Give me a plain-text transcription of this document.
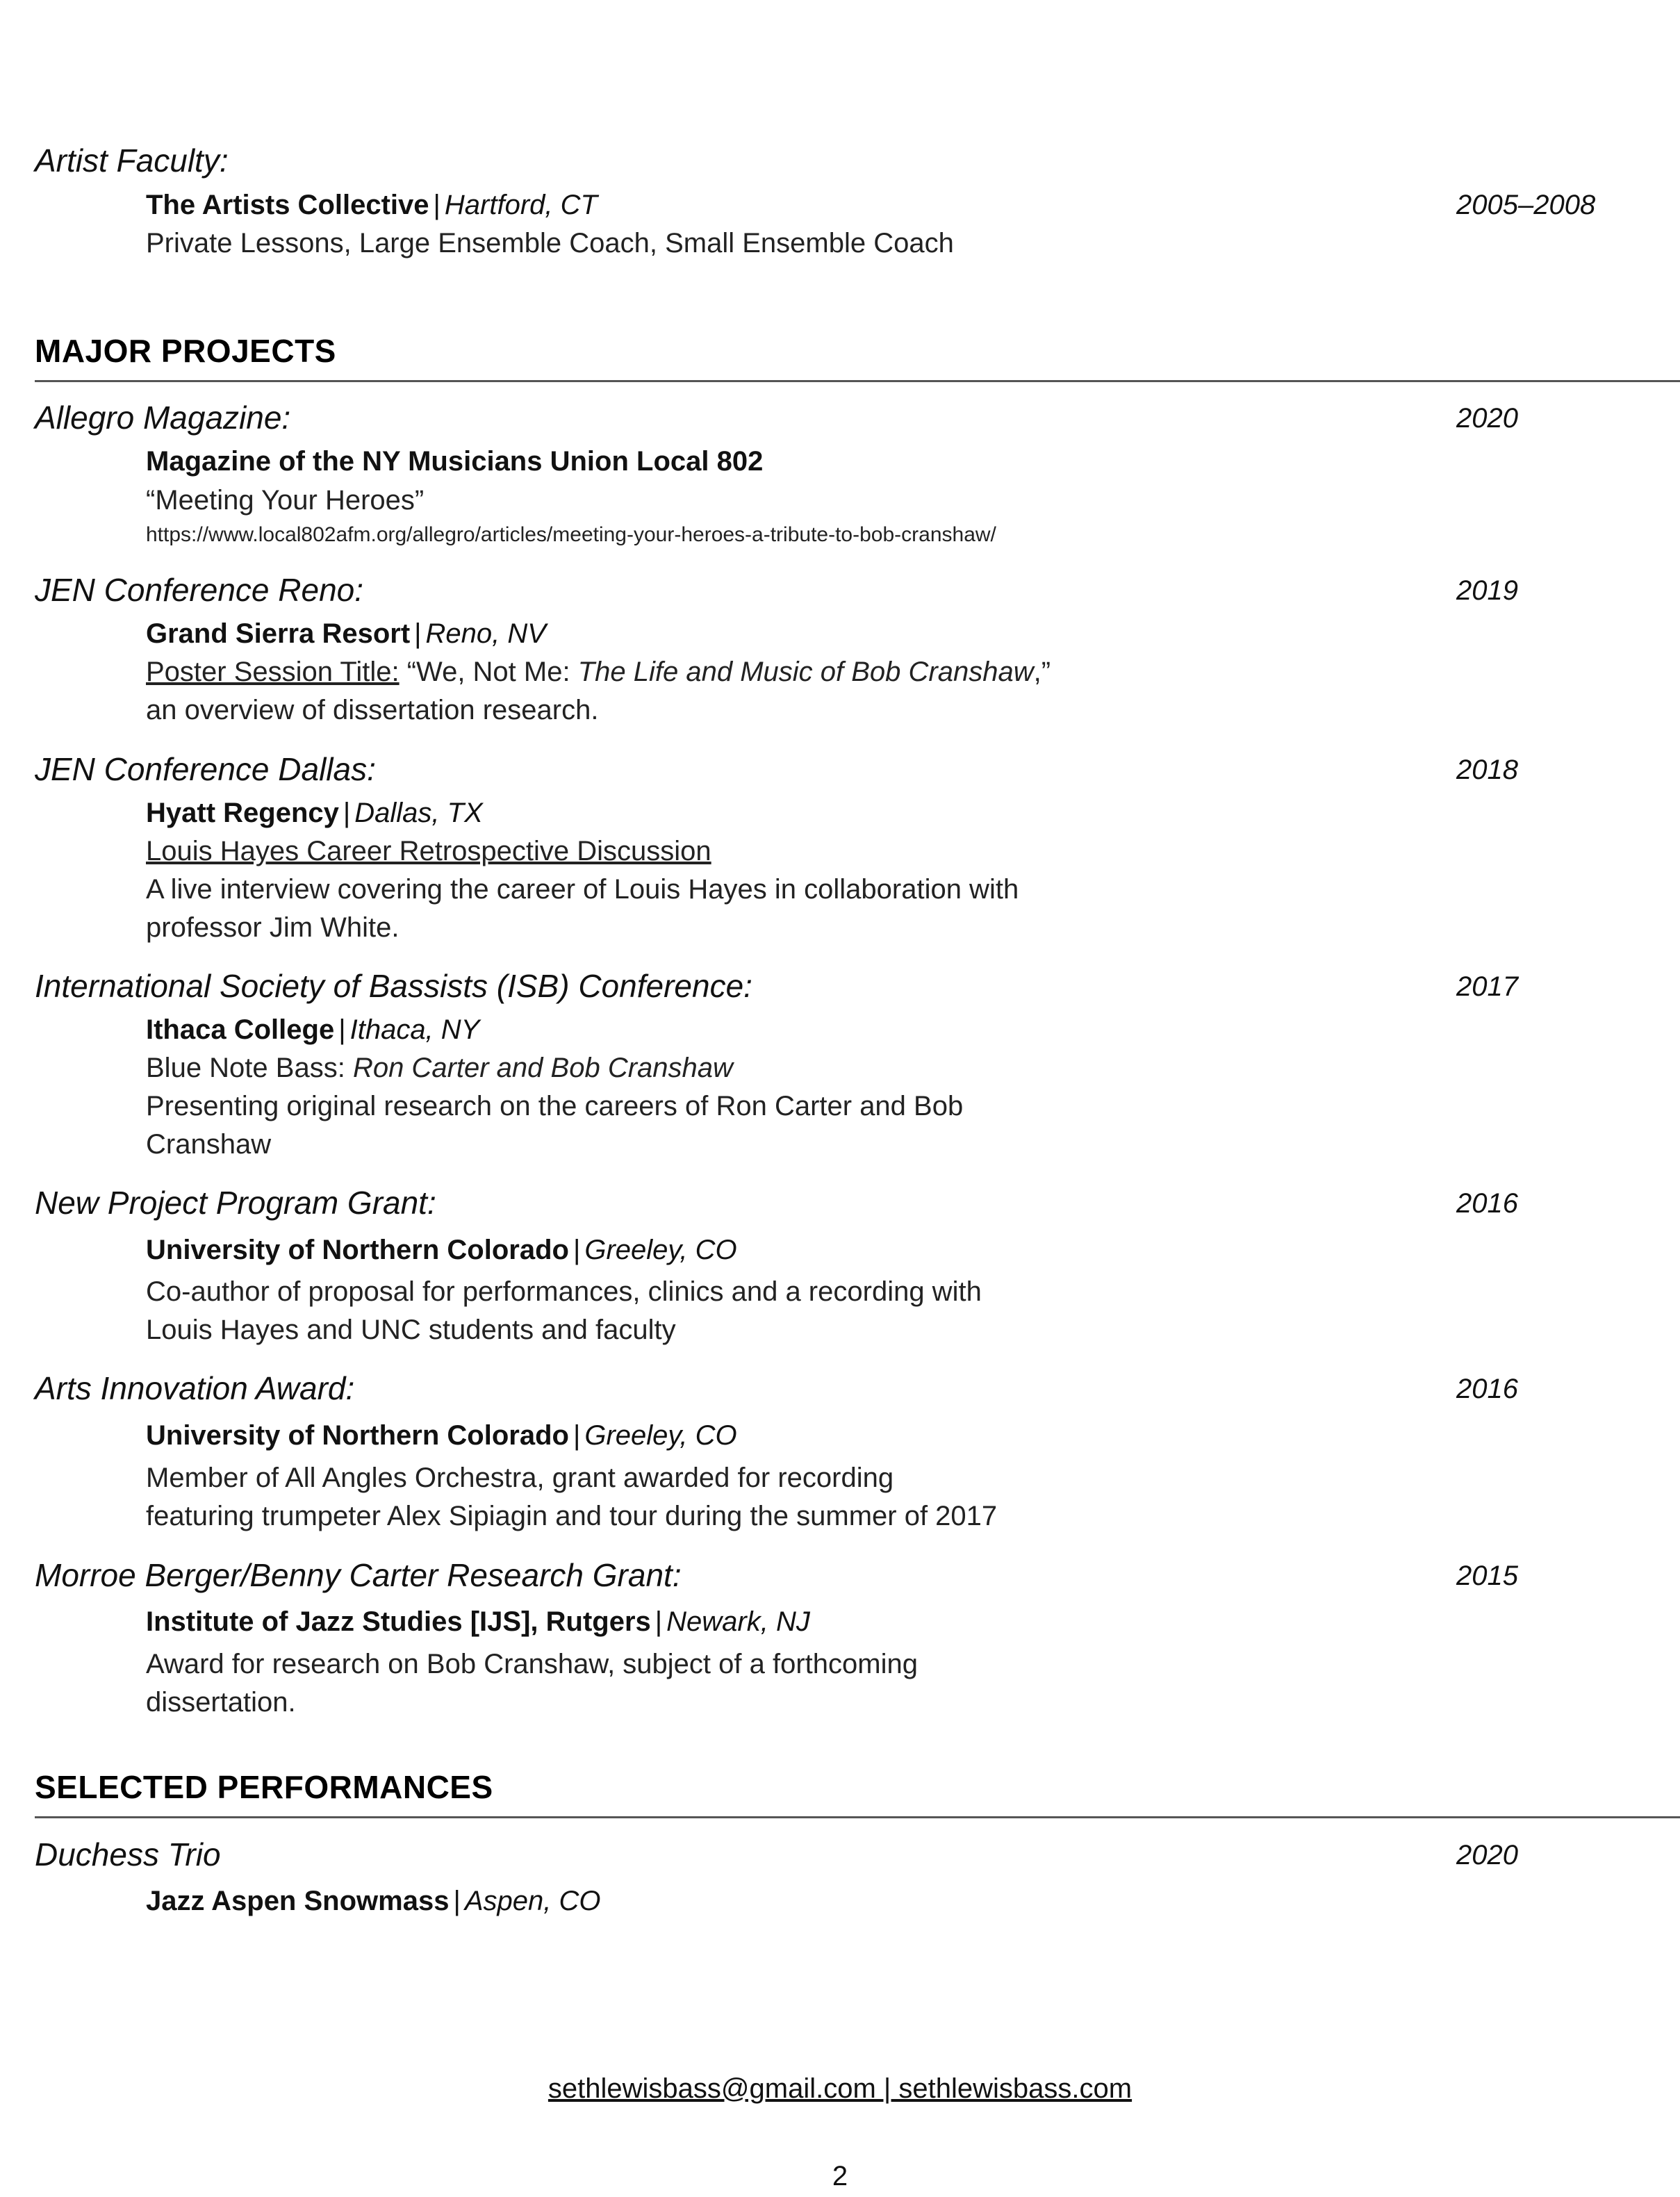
Artist Faculty:
The Artists Collective | Hartford, CT	2005–2008
Private Lessons, Large Ensemble Coach, Small Ensemble Coach
MAJOR PROJECTS
Allegro Magazine:	2020
Magazine of the NY Musicians Union Local 802
“Meeting Your Heroes”
https://www.local802afm.org/allegro/articles/meeting-your-heroes-a-tribute-to-bob-cranshaw/
JEN Conference Reno:	2019
Grand Sierra Resort | Reno, NV
Poster Session Title: “We, Not Me: The Life and Music of Bob Cranshaw,”
an overview of dissertation research.
JEN Conference Dallas:	2018
Hyatt Regency | Dallas, TX
Louis Hayes Career Retrospective Discussion
A live interview covering the career of Louis Hayes in collaboration with
professor Jim White.
International Society of Bassists (ISB) Conference:	2017
Ithaca College | Ithaca, NY
Blue Note Bass: Ron Carter and Bob Cranshaw
Presenting original research on the careers of Ron Carter and Bob
Cranshaw
New Project Program Grant:	2016
University of Northern Colorado | Greeley, CO
Co-author of proposal for performances, clinics and a recording with
Louis Hayes and UNC students and faculty
Arts Innovation Award:	2016
University of Northern Colorado | Greeley, CO
Member of All Angles Orchestra, grant awarded for recording
featuring trumpeter Alex Sipiagin and tour during the summer of 2017
Morroe Berger/Benny Carter Research Grant:	2015
Institute of Jazz Studies [IJS], Rutgers | Newark, NJ
Award for research on Bob Cranshaw, subject of a forthcoming
dissertation.
SELECTED PERFORMANCES
Duchess Trio	2020
Jazz Aspen Snowmass | Aspen, CO
sethlewisbass@gmail.com | sethlewisbass.com
2
